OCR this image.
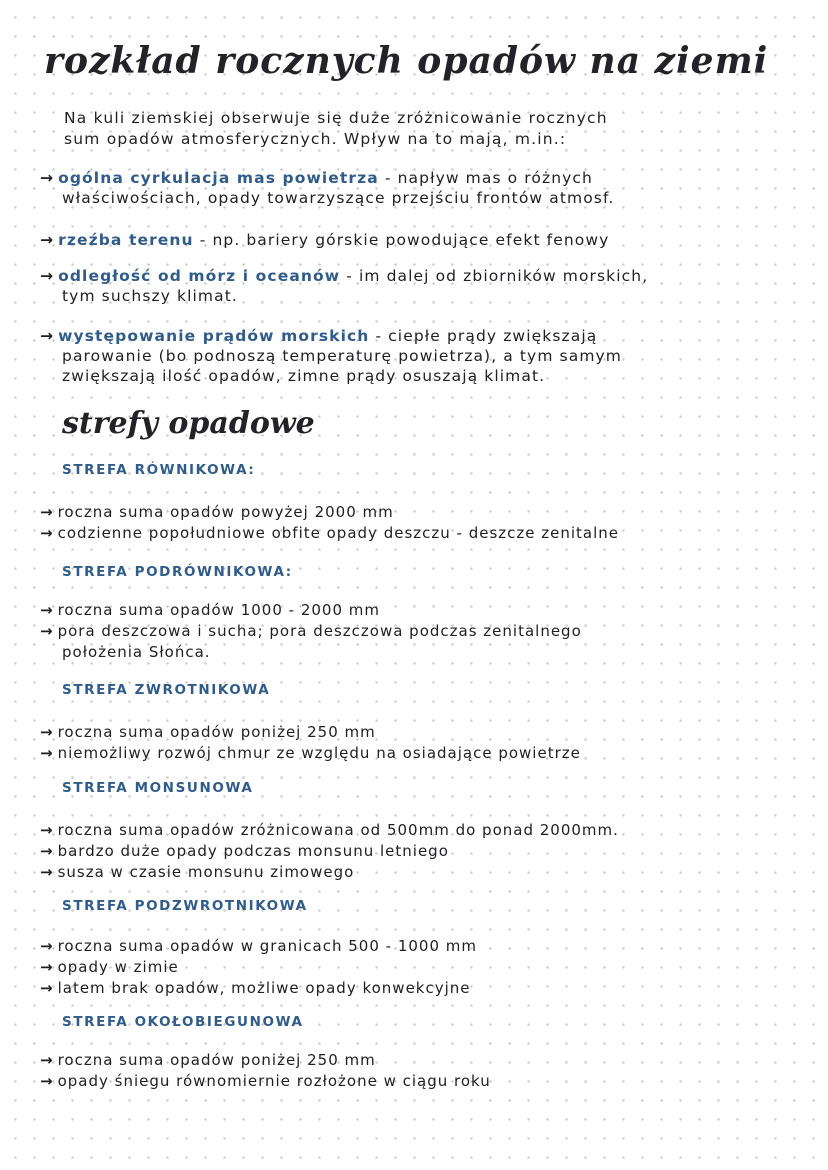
rozkład rocznych opadów na ziemi
Na kuli ziemskiej obserwuje się duże zróżnicowanie rocznych
sum opadów atmosferycznych. Wpływ na to mają, m.in.:
→ ogólna cyrkulacja mas powietrza - napływ mas o różnych
właściwościach, opady towarzyszące przejściu frontów atmosf.
→ rzeźba terenu - np. bariery górskie powodujące efekt fenowy
→ odległość od mórz i oceanów - im dalej od zbiorników morskich,
tym suchszy klimat.
→ występowanie prądów morskich - ciepłe prądy zwiększają
parowanie (bo podnoszą temperaturę powietrza), a tym samym
zwiększają ilość opadów, zimne prądy osuszają klimat.
strefy opadowe
STREFA RÓWNIKOWA:
→ roczna suma opadów powyżej 2000 mm
→ codzienne popołudniowe obfite opady deszczu - deszcze zenitalne
STREFA PODRÓWNIKOWA:
→ roczna suma opadów 1000 - 2000 mm
→ pora deszczowa i sucha; pora deszczowa podczas zenitalnego
położenia Słońca.
STREFA ZWROTNIKOWA
→ roczna suma opadów poniżej 250 mm
→ niemożliwy rozwój chmur ze względu na osiadające powietrze
STREFA MONSUNOWA
→ roczna suma opadów zróżnicowana od 500mm do ponad 2000mm.
→ bardzo duże opady podczas monsunu letniego
→ susza w czasie monsunu zimowego
STREFA PODZWROTNIKOWA
→ roczna suma opadów w granicach 500 - 1000 mm
→ opady w zimie
→ latem brak opadów, możliwe opady konwekcyjne
STREFA OKOŁOBIEGUNOWA
→ roczna suma opadów poniżej 250 mm
→ opady śniegu równomiernie rozłożone w ciągu roku
